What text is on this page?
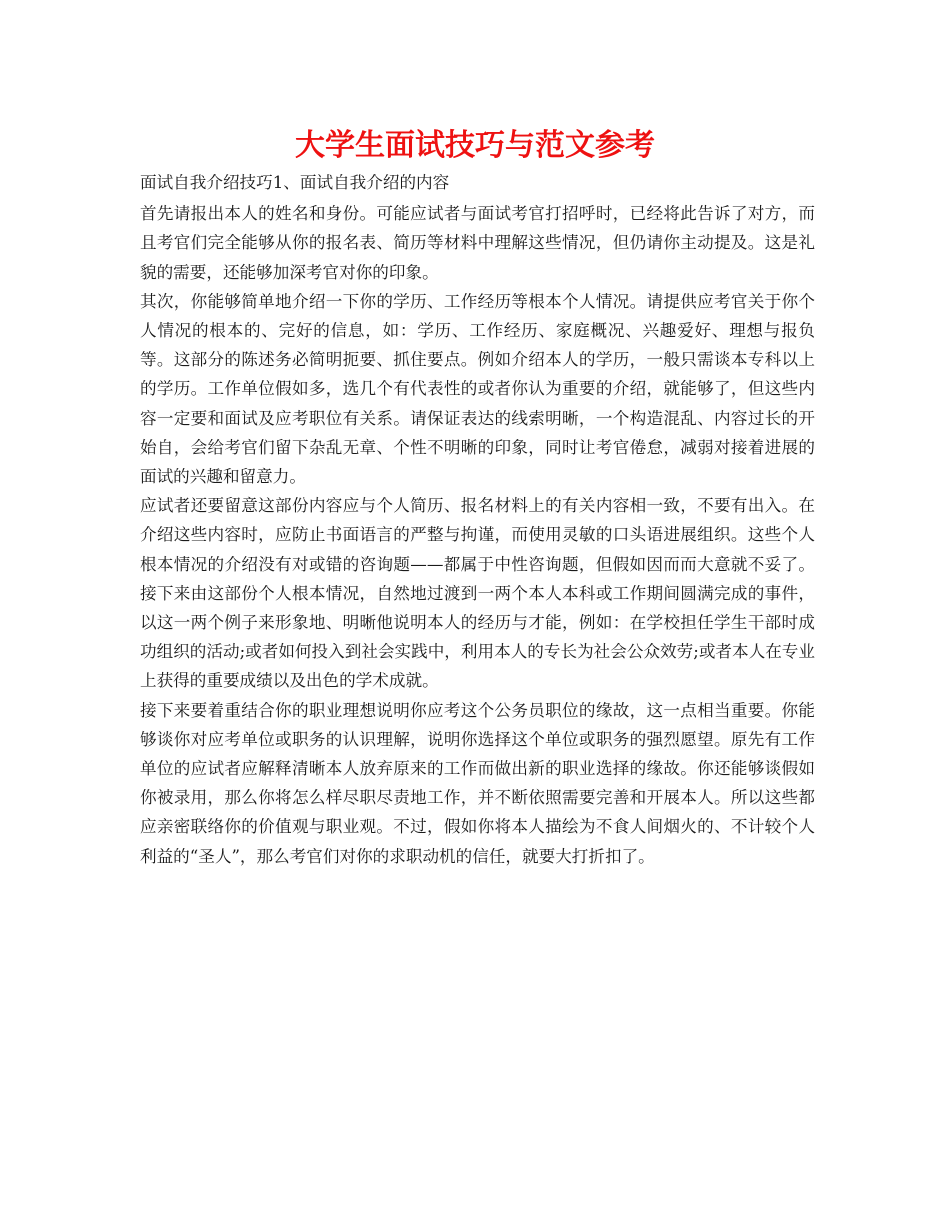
大学生面试技巧与范文参考

面试自我介绍技巧1、面试自我介绍的内容

首先请报出本人的姓名和身份。可能应试者与面试考官打招呼时，已经将此告诉了对方，而且考官们完全能够从你的报名表、简历等材料中理解这些情况，但仍请你主动提及。这是礼貌的需要，还能够加深考官对你的印象。

其次，你能够简单地介绍一下你的学历、工作经历等根本个人情况。请提供应考官关于你个人情况的根本的、完好的信息，如：学历、工作经历、家庭概况、兴趣爱好、理想与报负等。这部分的陈述务必简明扼要、抓住要点。例如介绍本人的学历，一般只需谈本专科以上的学历。工作单位假如多，选几个有代表性的或者你认为重要的介绍，就能够了，但这些内容一定要和面试及应考职位有关系。请保证表达的线索明晰，一个构造混乱、内容过长的开始自，会给考官们留下杂乱无章、个性不明晰的印象，同时让考官倦怠，减弱对接着进展的面试的兴趣和留意力。

应试者还要留意这部份内容应与个人简历、报名材料上的有关内容相一致，不要有出入。在介绍这些内容时，应防止书面语言的严整与拘谨，而使用灵敏的口头语进展组织。这些个人根本情况的介绍没有对或错的咨询题——都属于中性咨询题，但假如因而而大意就不妥了。接下来由这部份个人根本情况，自然地过渡到一两个本人本科或工作期间圆满完成的事件，以这一两个例子来形象地、明晰他说明本人的经历与才能，例如：在学校担任学生干部时成功组织的活动;或者如何投入到社会实践中，利用本人的专长为社会公众效劳;或者本人在专业上获得的重要成绩以及出色的学术成就。

接下来要着重结合你的职业理想说明你应考这个公务员职位的缘故，这一点相当重要。你能够谈你对应考单位或职务的认识理解，说明你选择这个单位或职务的强烈愿望。原先有工作单位的应试者应解释清晰本人放弃原来的工作而做出新的职业选择的缘故。你还能够谈假如你被录用，那么你将怎么样尽职尽责地工作，并不断依照需要完善和开展本人。所以这些都应亲密联络你的价值观与职业观。不过，假如你将本人描绘为不食人间烟火的、不计较个人利益的“圣人”，那么考官们对你的求职动机的信任，就要大打折扣了。
